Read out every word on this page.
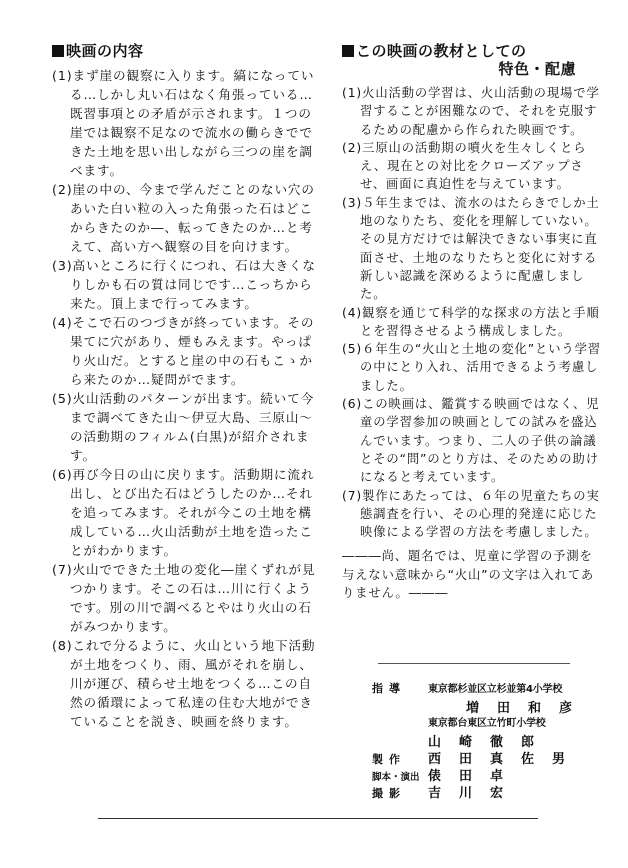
映画の内容
(1)まず崖の観察に入ります。縞になっている…しかし丸い石はなく角張っている…既習事項との矛盾が示されます。１つの崖では観察不足なので流水の働らきでできた土地を思い出しながら三つの崖を調べます。
(2)崖の中の、今まで学んだことのない穴のあいた白い粒の入った角張った石はどこからきたのか―、転ってきたのか…と考えて、高い方へ観察の目を向けます。
(3)高いところに行くにつれ、石は大きくなりしかも石の質は同じです…こっちから来た。頂上まで行ってみます。
(4)そこで石のつづきが終っています。その果てに穴があり、煙もみえます。やっぱり火山だ。とすると崖の中の石もこゝから来たのか…疑問がでます。
(5)火山活動のパターンが出ます。続いて今まで調べてきた山～伊豆大島、三原山～の活動期のフィルム(白黒)が紹介されます。
(6)再び今日の山に戻ります。活動期に流れ出し、とび出た石はどうしたのか…それを追ってみます。それが今この土地を構成している…火山活動が土地を造ったことがわかります。
(7)火山でできた土地の変化―崖くずれが見つかります。そこの石は…川に行くようです。別の川で調べるとやはり火山の石がみつかります。
(8)これで分るように、火山という地下活動が土地をつくり、雨、風がそれを崩し、川が運び、積らせ土地をつくる…この自然の循環によって私達の住む大地ができていることを説き、映画を終ります。
この映画の教材としての
特色・配慮
(1)火山活動の学習は、火山活動の現場で学習することが困難なので、それを克服するための配慮から作られた映画です。
(2)三原山の活動期の噴火を生々しくとらえ、現在との対比をクローズアップさせ、画面に真迫性を与えています。
(3)５年生までは、流水のはたらきでしか土地のなりたち、変化を理解していない。その見方だけでは解決できない事実に直面させ、土地のなりたちと変化に対する新しい認識を深めるように配慮しました。
(4)観察を通じて科学的な探求の方法と手順とを習得させるよう構成しました。
(5)６年生の“火山と土地の変化”という学習の中にとり入れ、活用できるよう考慮しました。
(6)この映画は、鑑賞する映画ではなく、児童の学習参加の映画としての試みを盛込んでいます。つまり、二人の子供の論議とその“問”のとり方は、そのための助けになると考えています。
(7)製作にあたっては、６年の児童たちの実態調査を行い、その心理的発達に応じた映像による学習の方法を考慮しました。

―――尚、題名では、児童に学習の予測を与えない意味から“火山”の文字は入れてありません。―――

指導	東京都杉並区立杉並第4小学校
増田和彦
東京都台東区立竹町小学校
山崎徹郎
製作	西田真佐男
脚本・演出 俵田卓
撮影	吉川宏
